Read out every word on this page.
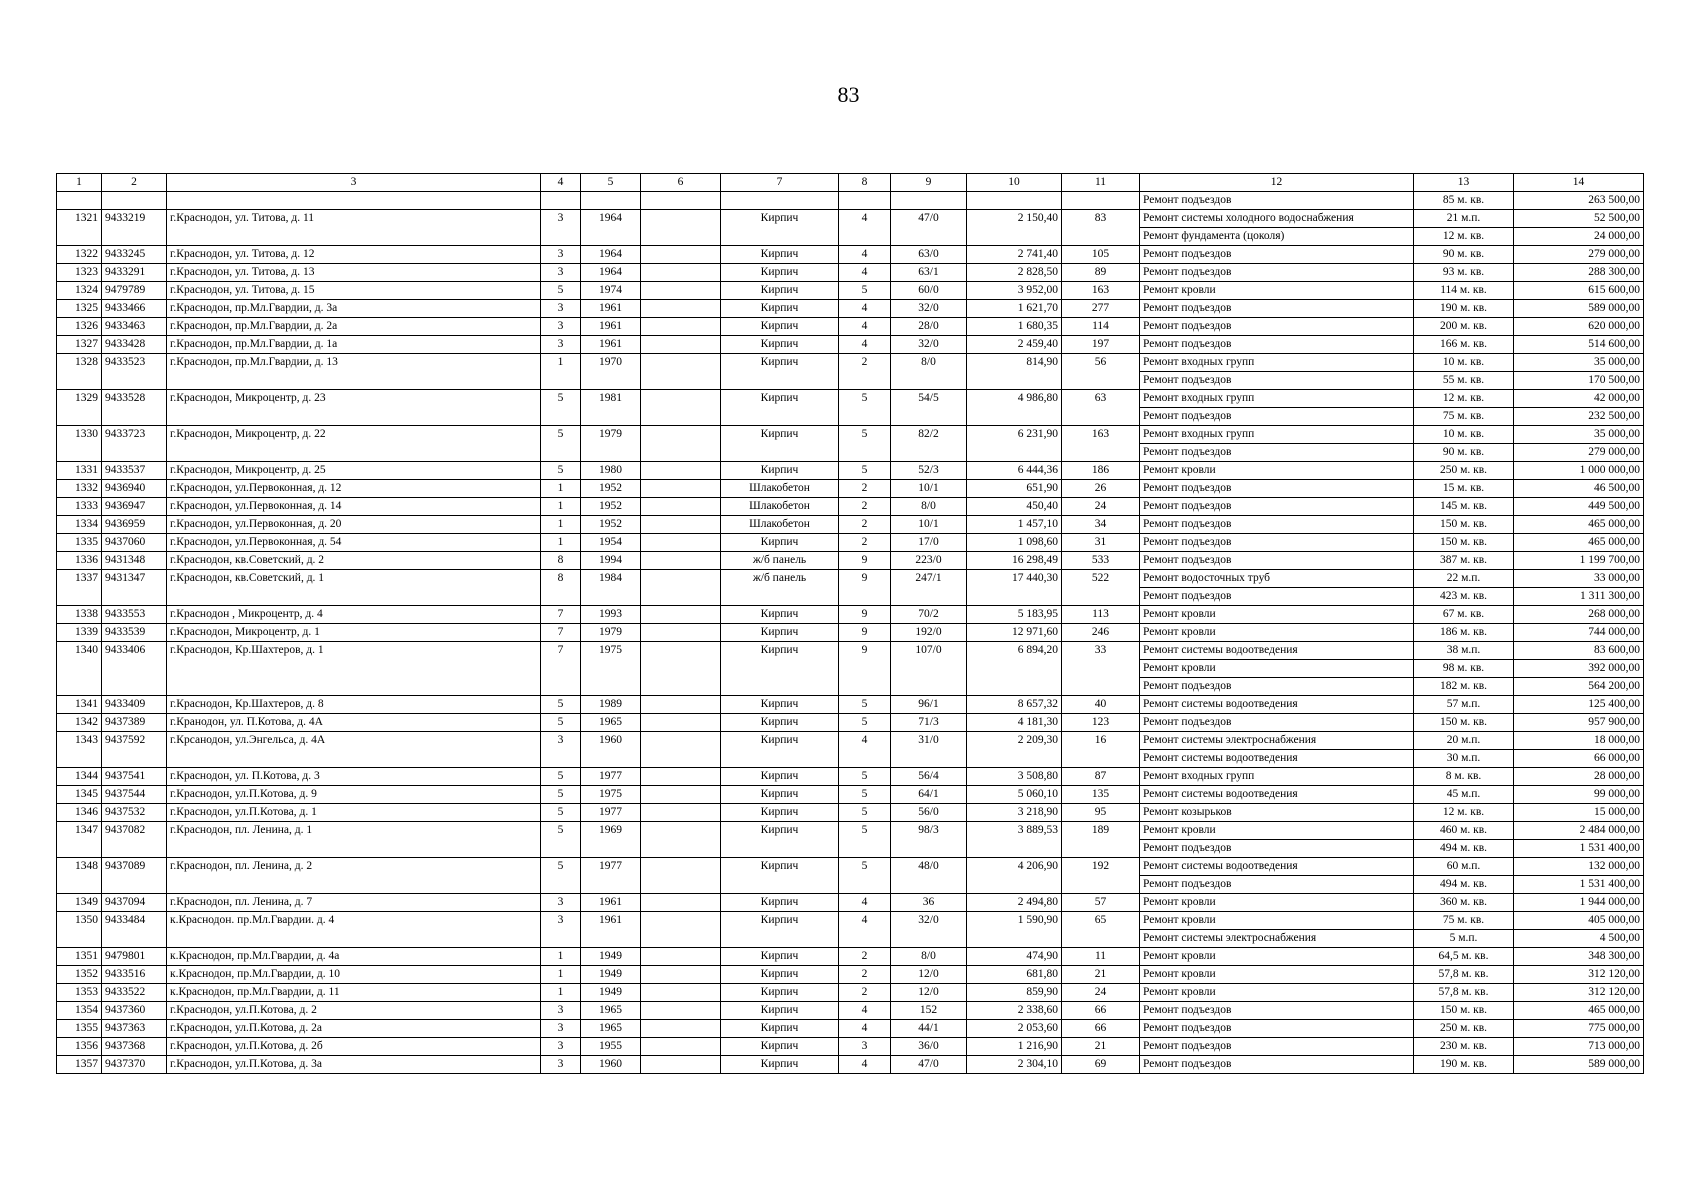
83
1	2	3	4	5	6	7	8	9	10	11	12	13	14
											Ремонт подъездов	85 м. кв.	263 500,00
1321	9433219	г.Краснодон, ул. Титова, д. 11	3	1964		Кирпич	4	47/0	2 150,40	83	Ремонт системы холодного водоснабжения	21 м.п.	52 500,00
											Ремонт фундамента (цоколя)	12 м. кв.	24 000,00
1322	9433245	г.Краснодон, ул. Титова, д. 12	3	1964		Кирпич	4	63/0	2 741,40	105	Ремонт подъездов	90 м. кв.	279 000,00
1323	9433291	г.Краснодон, ул. Титова, д. 13	3	1964		Кирпич	4	63/1	2 828,50	89	Ремонт подъездов	93 м. кв.	288 300,00
1324	9479789	г.Краснодон, ул. Титова, д. 15	5	1974		Кирпич	5	60/0	3 952,00	163	Ремонт кровли	114 м. кв.	615 600,00
1325	9433466	г.Краснодон, пр.Мл.Гвардии, д. 3а	3	1961		Кирпич	4	32/0	1 621,70	277	Ремонт подъездов	190 м. кв.	589 000,00
1326	9433463	г.Краснодон, пр.Мл.Гвардии, д. 2а	3	1961		Кирпич	4	28/0	1 680,35	114	Ремонт подъездов	200 м. кв.	620 000,00
1327	9433428	г.Краснодон, пр.Мл.Гвардии, д. 1а	3	1961		Кирпич	4	32/0	2 459,40	197	Ремонт подъездов	166 м. кв.	514 600,00
1328	9433523	г.Краснодон, пр.Мл.Гвардии, д. 13	1	1970		Кирпич	2	8/0	814,90	56	Ремонт входных групп	10 м. кв.	35 000,00
											Ремонт подъездов	55 м. кв.	170 500,00
1329	9433528	г.Краснодон, Микроцентр, д. 23	5	1981		Кирпич	5	54/5	4 986,80	63	Ремонт входных групп	12 м. кв.	42 000,00
											Ремонт подъездов	75 м. кв.	232 500,00
1330	9433723	г.Краснодон, Микроцентр, д. 22	5	1979		Кирпич	5	82/2	6 231,90	163	Ремонт входных групп	10 м. кв.	35 000,00
											Ремонт подъездов	90 м. кв.	279 000,00
1331	9433537	г.Краснодон, Микроцентр, д. 25	5	1980		Кирпич	5	52/3	6 444,36	186	Ремонт кровли	250 м. кв.	1 000 000,00
1332	9436940	г.Краснодон, ул.Первоконная, д. 12	1	1952		Шлакобетон	2	10/1	651,90	26	Ремонт подъездов	15 м. кв.	46 500,00
1333	9436947	г.Краснодон, ул.Первоконная, д. 14	1	1952		Шлакобетон	2	8/0	450,40	24	Ремонт подъездов	145 м. кв.	449 500,00
1334	9436959	г.Краснодон, ул.Первоконная, д. 20	1	1952		Шлакобетон	2	10/1	1 457,10	34	Ремонт подъездов	150 м. кв.	465 000,00
1335	9437060	г.Краснодон, ул.Первоконная, д. 54	1	1954		Кирпич	2	17/0	1 098,60	31	Ремонт подъездов	150 м. кв.	465 000,00
1336	9431348	г.Краснодон, кв.Советский, д. 2	8	1994		ж/б панель	9	223/0	16 298,49	533	Ремонт подъездов	387 м. кв.	1 199 700,00
1337	9431347	г.Краснодон, кв.Советский, д. 1	8	1984		ж/б панель	9	247/1	17 440,30	522	Ремонт водосточных труб	22 м.п.	33 000,00
											Ремонт подъездов	423 м. кв.	1 311 300,00
1338	9433553	г.Краснодон , Микроцентр, д. 4	7	1993		Кирпич	9	70/2	5 183,95	113	Ремонт кровли	67 м. кв.	268 000,00
1339	9433539	г.Краснодон, Микроцентр, д. 1	7	1979		Кирпич	9	192/0	12 971,60	246	Ремонт кровли	186 м. кв.	744 000,00
1340	9433406	г.Краснодон, Кр.Шахтеров, д. 1	7	1975		Кирпич	9	107/0	6 894,20	33	Ремонт системы водоотведения	38 м.п.	83 600,00
											Ремонт кровли	98 м. кв.	392 000,00
											Ремонт подъездов	182 м. кв.	564 200,00
1341	9433409	г.Краснодон, Кр.Шахтеров, д. 8	5	1989		Кирпич	5	96/1	8 657,32	40	Ремонт системы водоотведения	57 м.п.	125 400,00
1342	9437389	г.Кранодон, ул. П.Котова, д. 4А	5	1965		Кирпич	5	71/3	4 181,30	123	Ремонт подъездов	150 м. кв.	957 900,00
1343	9437592	г.Крсанодон, ул.Энгельса, д. 4А	3	1960		Кирпич	4	31/0	2 209,30	16	Ремонт системы электроснабжения	20 м.п.	18 000,00
											Ремонт системы водоотведения	30 м.п.	66 000,00
1344	9437541	г.Краснодон, ул. П.Котова, д. 3	5	1977		Кирпич	5	56/4	3 508,80	87	Ремонт входных групп	8 м. кв.	28 000,00
1345	9437544	г.Краснодон, ул.П.Котова, д. 9	5	1975		Кирпич	5	64/1	5 060,10	135	Ремонт системы водоотведения	45 м.п.	99 000,00
1346	9437532	г.Краснодон, ул.П.Котова, д. 1	5	1977		Кирпич	5	56/0	3 218,90	95	Ремонт козырьков	12 м. кв.	15 000,00
1347	9437082	г.Краснодон, пл. Ленина, д. 1	5	1969		Кирпич	5	98/3	3 889,53	189	Ремонт кровли	460 м. кв.	2 484 000,00
											Ремонт подъездов	494 м. кв.	1 531 400,00
1348	9437089	г.Краснодон, пл. Ленина, д. 2	5	1977		Кирпич	5	48/0	4 206,90	192	Ремонт системы водоотведения	60 м.п.	132 000,00
											Ремонт подъездов	494 м. кв.	1 531 400,00
1349	9437094	г.Краснодон, пл. Ленина, д. 7	3	1961		Кирпич	4	36	2 494,80	57	Ремонт кровли	360 м. кв.	1 944 000,00
1350	9433484	к.Краснодон. пр.Мл.Гвардии. д. 4	3	1961		Кирпич	4	32/0	1 590,90	65	Ремонт кровли	75 м. кв.	405 000,00
											Ремонт системы электроснабжения	5 м.п.	4 500,00
1351	9479801	к.Краснодон, пр.Мл.Гвардии, д. 4а	1	1949		Кирпич	2	8/0	474,90	11	Ремонт кровли	64,5 м. кв.	348 300,00
1352	9433516	к.Краснодон, пр.Мл.Гвардии, д. 10	1	1949		Кирпич	2	12/0	681,80	21	Ремонт кровли	57,8 м. кв.	312 120,00
1353	9433522	к.Краснодон, пр.Мл.Гвардии, д. 11	1	1949		Кирпич	2	12/0	859,90	24	Ремонт кровли	57,8 м. кв.	312 120,00
1354	9437360	г.Краснодон, ул.П.Котова, д. 2	3	1965		Кирпич	4	152	2 338,60	66	Ремонт подъездов	150 м. кв.	465 000,00
1355	9437363	г.Краснодон, ул.П.Котова, д. 2а	3	1965		Кирпич	4	44/1	2 053,60	66	Ремонт подъездов	250 м. кв.	775 000,00
1356	9437368	г.Краснодон, ул.П.Котова, д. 2б	3	1955		Кирпич	3	36/0	1 216,90	21	Ремонт подъездов	230 м. кв.	713 000,00
1357	9437370	г.Краснодон, ул.П.Котова, д. 3а	3	1960		Кирпич	4	47/0	2 304,10	69	Ремонт подъездов	190 м. кв.	589 000,00
